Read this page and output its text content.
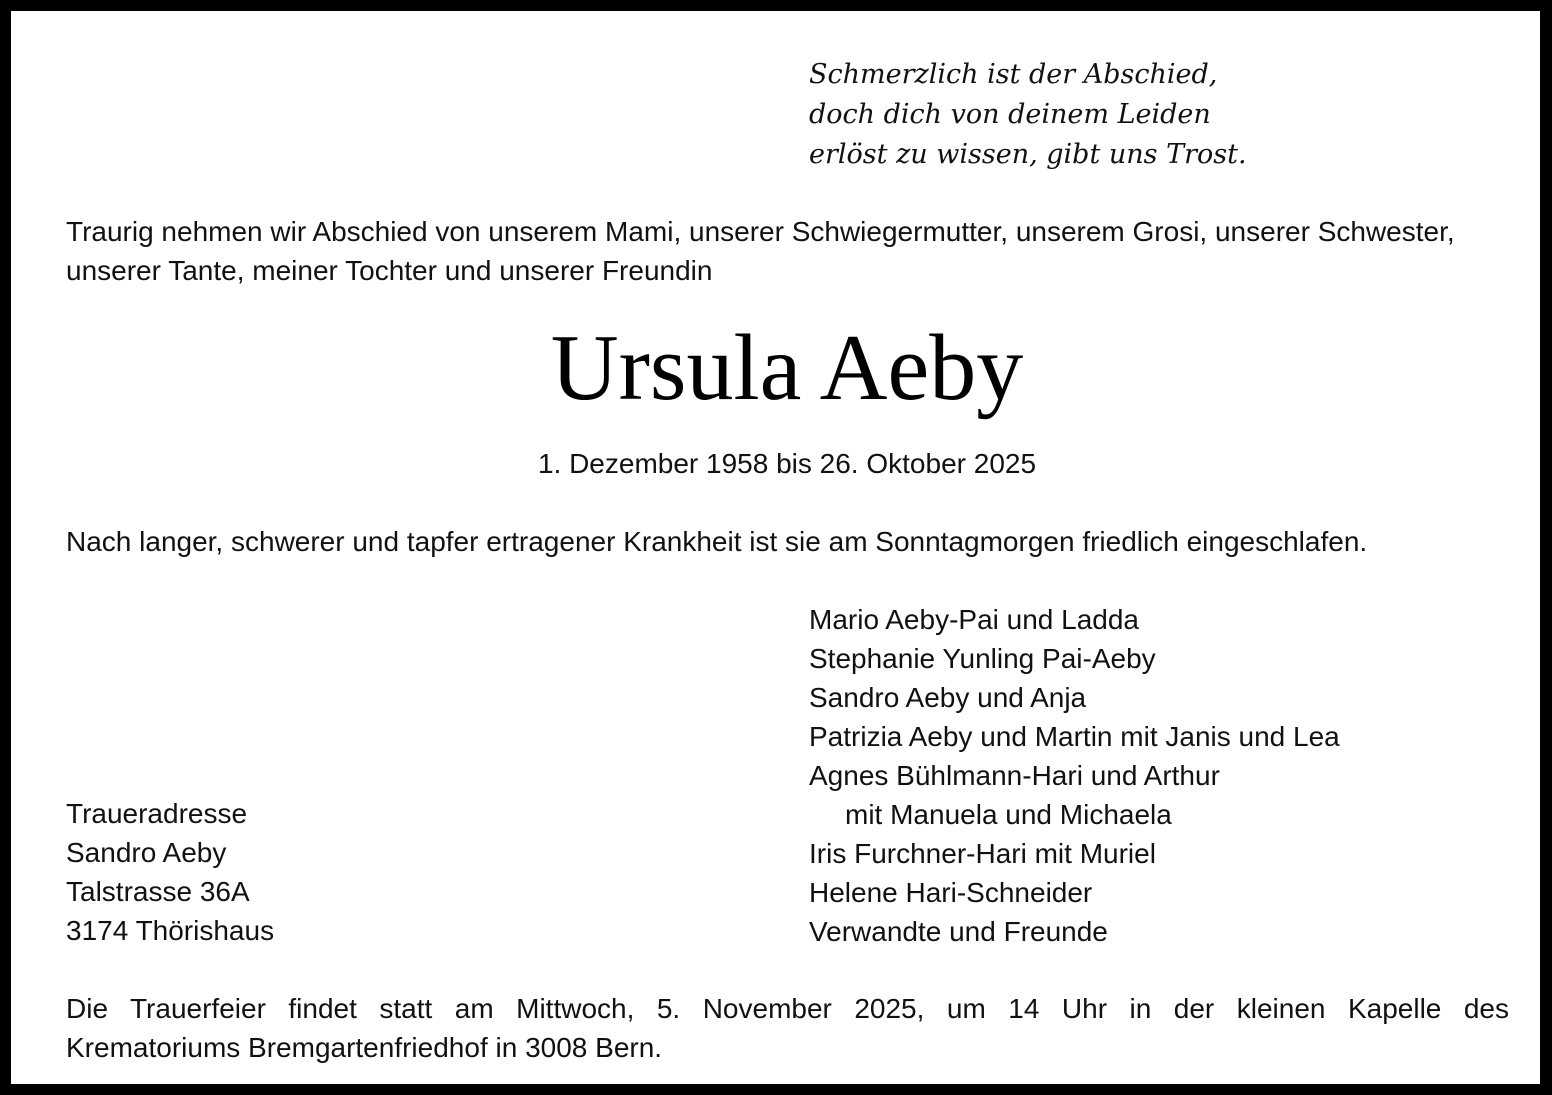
Schmerzlich ist der Abschied,
doch dich von deinem Leiden
erlöst zu wissen, gibt uns Trost.
Traurig nehmen wir Abschied von unserem Mami, unserer Schwiegermutter, unserem Grosi, unserer Schwester,
unserer Tante, meiner Tochter und unserer Freundin
Ursula Aeby
1. Dezember 1958 bis 26. Oktober 2025
Nach langer, schwerer und tapfer ertragener Krankheit ist sie am Sonntagmorgen friedlich eingeschlafen.
Mario Aeby-Pai und Ladda
Stephanie Yunling Pai-Aeby
Sandro Aeby und Anja
Patrizia Aeby und Martin mit Janis und Lea
Agnes Bühlmann-Hari und Arthur
mit Manuela und Michaela
Iris Furchner-Hari mit Muriel
Helene Hari-Schneider
Verwandte und Freunde
Traueradresse
Sandro Aeby
Talstrasse 36A
3174 Thörishaus
Die Trauerfeier findet statt am Mittwoch, 5. November 2025, um 14 Uhr in der kleinen Kapelle des
Krematoriums Bremgartenfriedhof in 3008 Bern.
